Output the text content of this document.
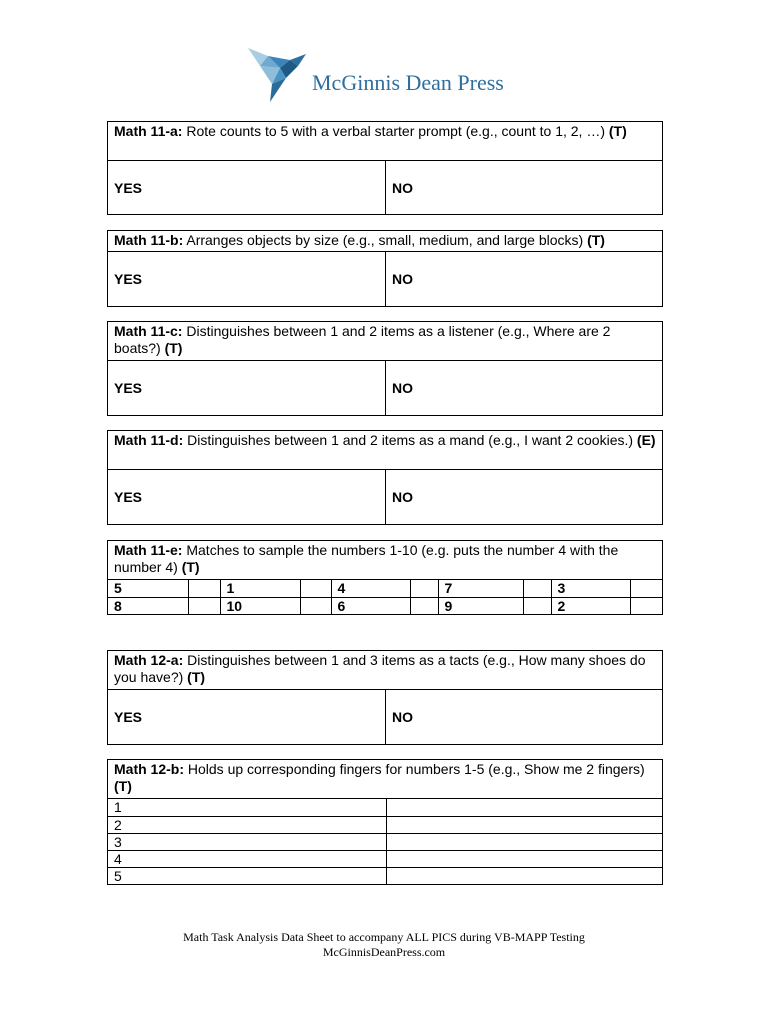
McGinnis Dean Press
Math 11-a: Rote counts to 5 with a verbal starter prompt (e.g., count to 1, 2, …) (T)
YES	NO
Math 11-b: Arranges objects by size (e.g., small, medium, and large blocks) (T)
YES	NO
Math 11-c: Distinguishes between 1 and 2 items as a listener (e.g., Where are 2 boats?) (T)
YES	NO
Math 11-d: Distinguishes between 1 and 2 items as a mand (e.g., I want 2 cookies.) (E)
YES	NO
Math 11-e: Matches to sample the numbers 1-10 (e.g. puts the number 4 with the number 4) (T)
5		1		4		7		3	
8		10		6		9		2	
Math 12-a: Distinguishes between 1 and 3 items as a tacts (e.g., How many shoes do you have?) (T)
YES	NO
Math 12-b: Holds up corresponding fingers for numbers 1-5 (e.g., Show me 2 fingers) (T)
1	
2	
3	
4	
5	
Math Task Analysis Data Sheet to accompany ALL PICS during VB-MAPP Testing
McGinnisDeanPress.com
